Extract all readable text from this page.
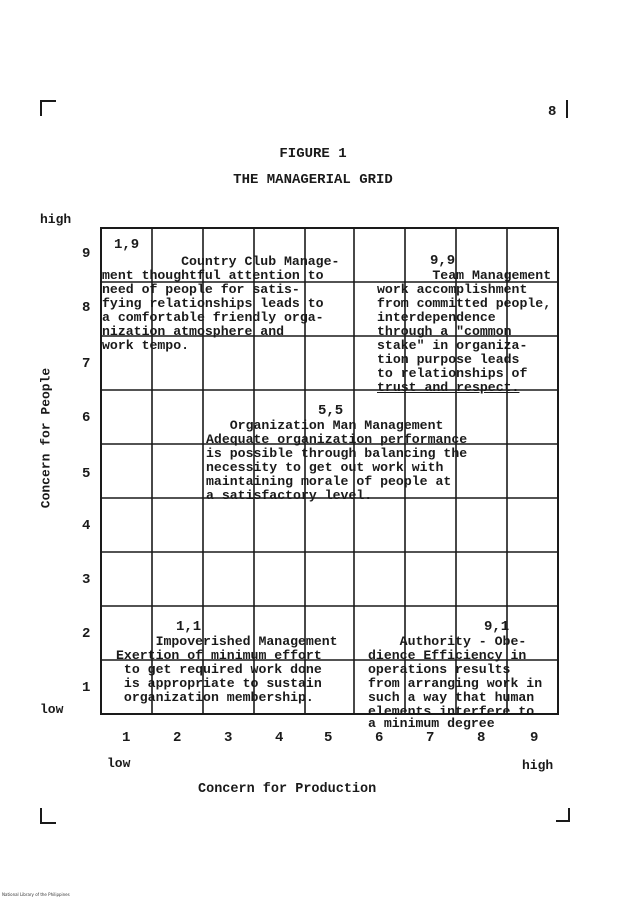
8
FIGURE 1
THE MANAGERIAL GRID
high
low
Concern for People
9
8
7
6
5
4
3
2
1
1	2	3	4	5	6	7	8	9
low	high
Concern for Production
1,9
Country Club Manage-
ment thoughtful attention to
need of people for satis-
fying relationships leads to
a comfortable friendly orga-
nization atmosphere and
work tempo.
9,9
Team Management
work accomplishment
from committed people,
interdependence
through a "common
stake" in organiza-
tion purpose leads
to relationships of
trust and respect.
5,5
Organization Man Management
Adequate organization performance
is possible through balancing the
necessity to get out work with
maintaining morale of people at
a satisfactory level.
1,1
Impoverished Management
Exertion of minimum effort
to get required work done
is appropriate to sustain
organization membership.
9,1
Authority - Obe-
dience Efficiency in
operations results
from arranging work in
such a way that human
elements interfere to
a minimum degree
National Library of the Philippines
